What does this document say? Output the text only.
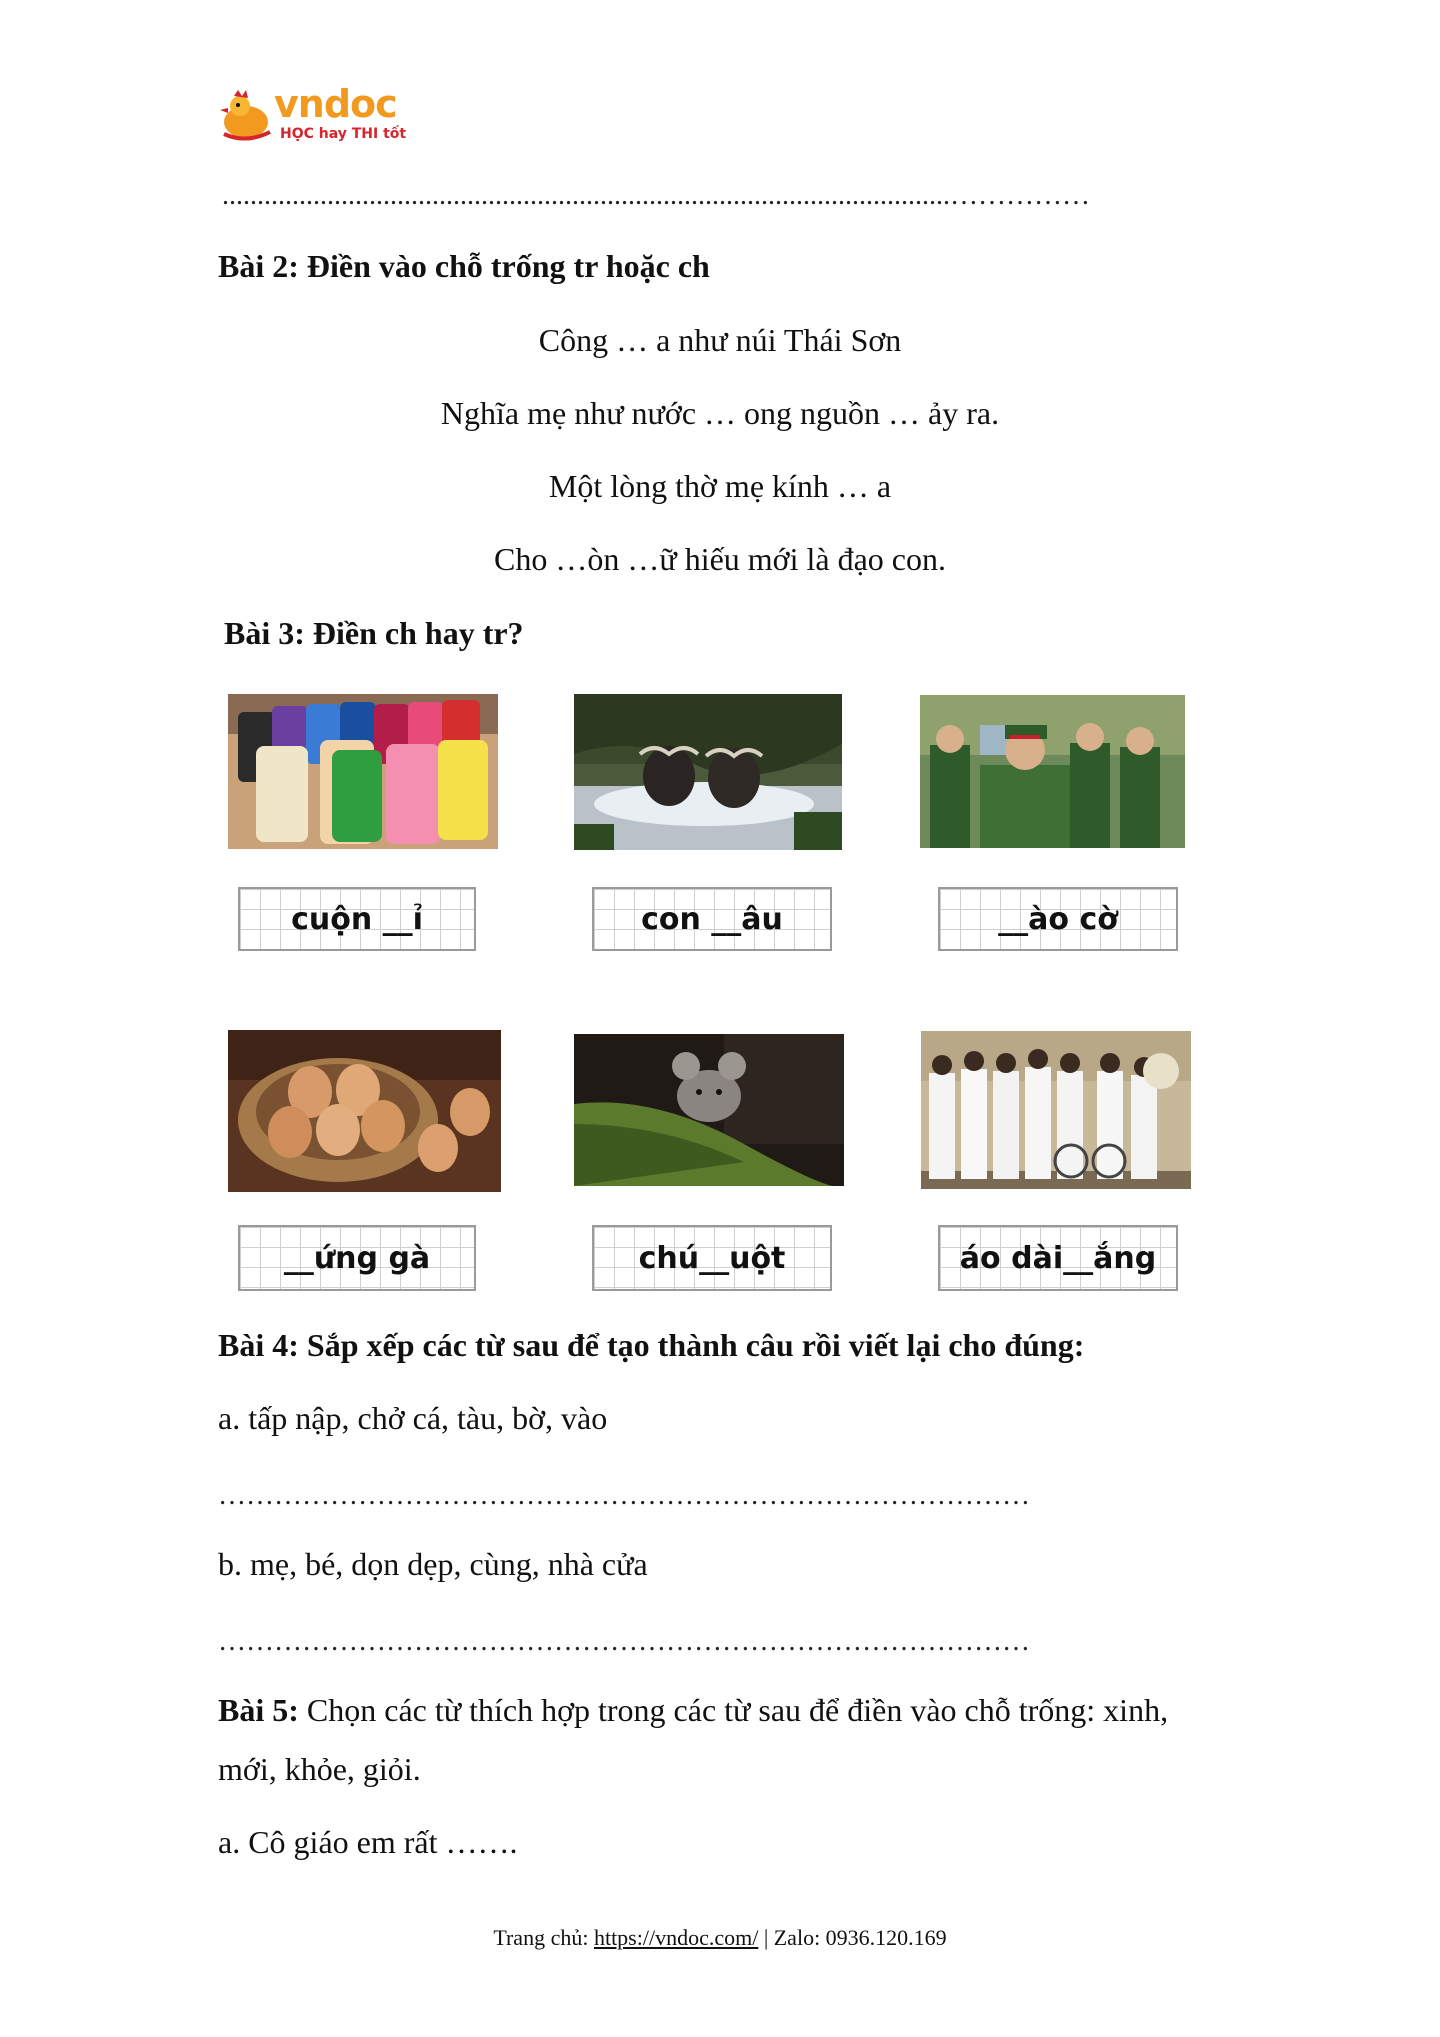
vndoc
HỌC hay THI tốt
........................................................................................................……………
Bài 2: Điền vào chỗ trống tr hoặc ch
Công … a như núi Thái Sơn
Nghĩa mẹ như nước … ong nguồn … ảy ra.
Một lòng thờ mẹ kính … a
Cho …òn …ữ hiếu mới là đạo con.
Bài 3: Điền ch hay tr?
cuộn __ỉ	con __âu	__ào cờ
__ứng gà	chú__uột	áo dài__ắng
Bài 4: Sắp xếp các từ sau để tạo thành câu rồi viết lại cho đúng:
a. tấp nập, chở cá, tàu, bờ, vào
……………………………………………………………………………
b. mẹ, bé, dọn dẹp, cùng, nhà cửa
……………………………………………………………………………
Bài 5: Chọn các từ thích hợp trong các từ sau để điền vào chỗ trống: xinh,
mới, khỏe, giỏi.
a. Cô giáo em rất …….
Trang chủ: https://vndoc.com/ | Zalo: 0936.120.169
